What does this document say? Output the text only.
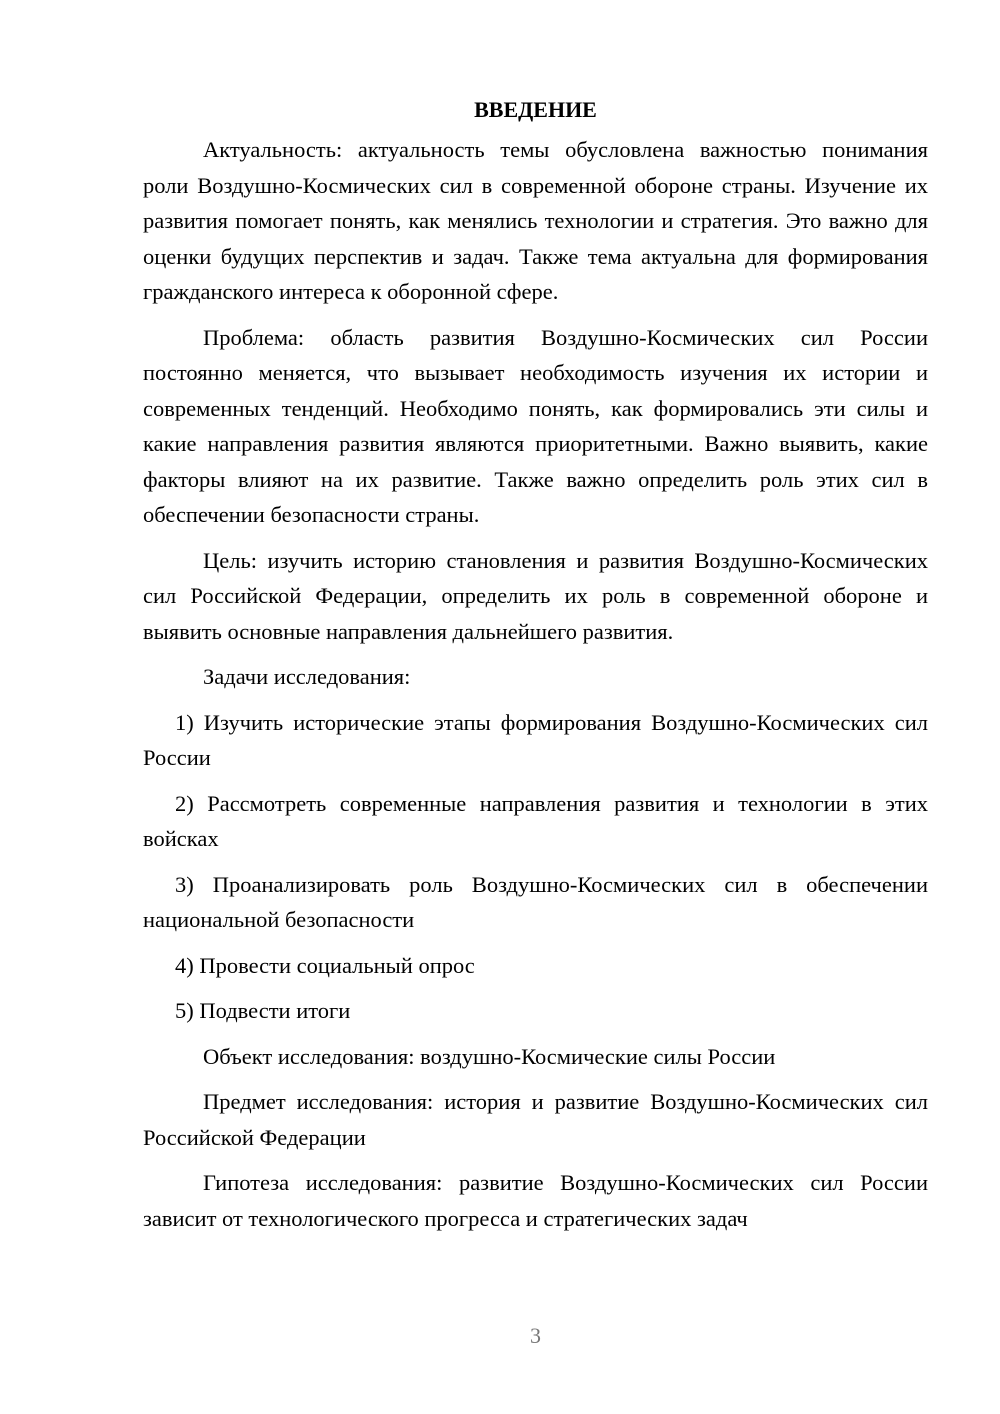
ВВЕДЕНИЕ

Актуальность: актуальность темы обусловлена важностью понимания роли Воздушно-Космических сил в современной обороне страны. Изучение их развития помогает понять, как менялись технологии и стратегия. Это важно для оценки будущих перспектив и задач. Также тема актуальна для формирования гражданского интереса к оборонной сфере.

Проблема: область развития Воздушно-Космических сил России постоянно меняется, что вызывает необходимость изучения их истории и современных тенденций. Необходимо понять, как формировались эти силы и какие направления развития являются приоритетными. Важно выявить, какие факторы влияют на их развитие. Также важно определить роль этих сил в обеспечении безопасности страны.

Цель: изучить историю становления и развития Воздушно-Космических сил Российской Федерации, определить их роль в современной обороне и выявить основные направления дальнейшего развития.

Задачи исследования:

1) Изучить исторические этапы формирования Воздушно-Космических сил России

2) Рассмотреть современные направления развития и технологии в этих войсках

3) Проанализировать роль Воздушно-Космических сил в обеспечении национальной безопасности

4) Провести социальный опрос

5) Подвести итоги

Объект исследования: воздушно-Космические силы России

Предмет исследования: история и развитие Воздушно-Космических сил Российской Федерации

Гипотеза исследования: развитие Воздушно-Космических сил России зависит от технологического прогресса и стратегических задач

3
